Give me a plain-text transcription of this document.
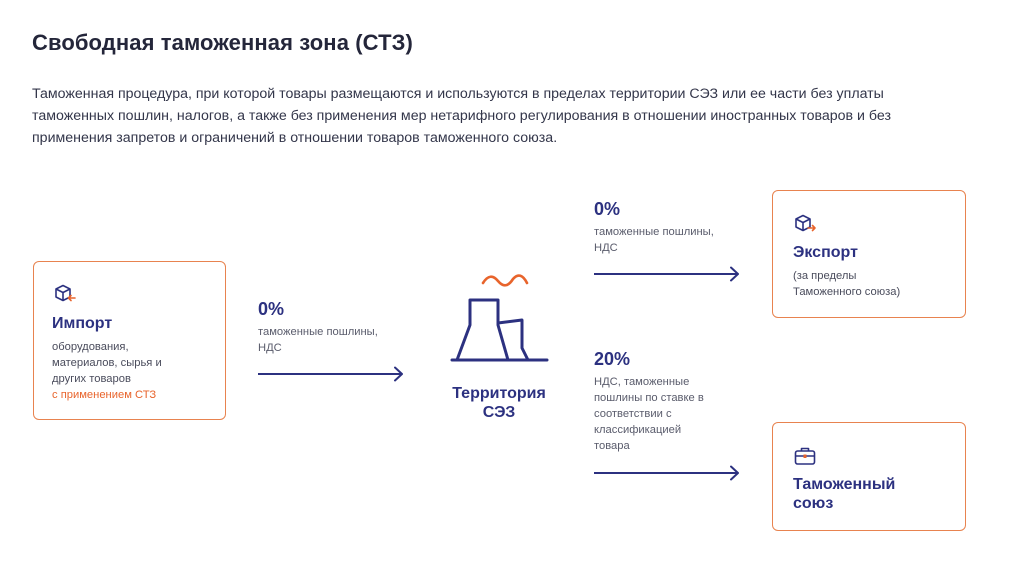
Свободная таможенная зона (СТЗ)

Таможенная процедура, при которой товары размещаются и используются в пределах территории СЭЗ или ее части без уплаты таможенных пошлин, налогов, а также без применения мер нетарифного регулирования в отношении иностранных товаров и без применения запретов и ограничений в отношении товаров таможенного союза.

Импорт
оборудования,
материалов, сырья и
других товаров
с применением СТЗ
0%
таможенные пошлины,
НДС
Территория
СЭЗ
0%
таможенные пошлины,
НДС
20%
НДС, таможенные
пошлины по ставке в
соответствии с
классификацией
товара
Экспорт
(за пределы
Таможенного союза)
Таможенный
союз
